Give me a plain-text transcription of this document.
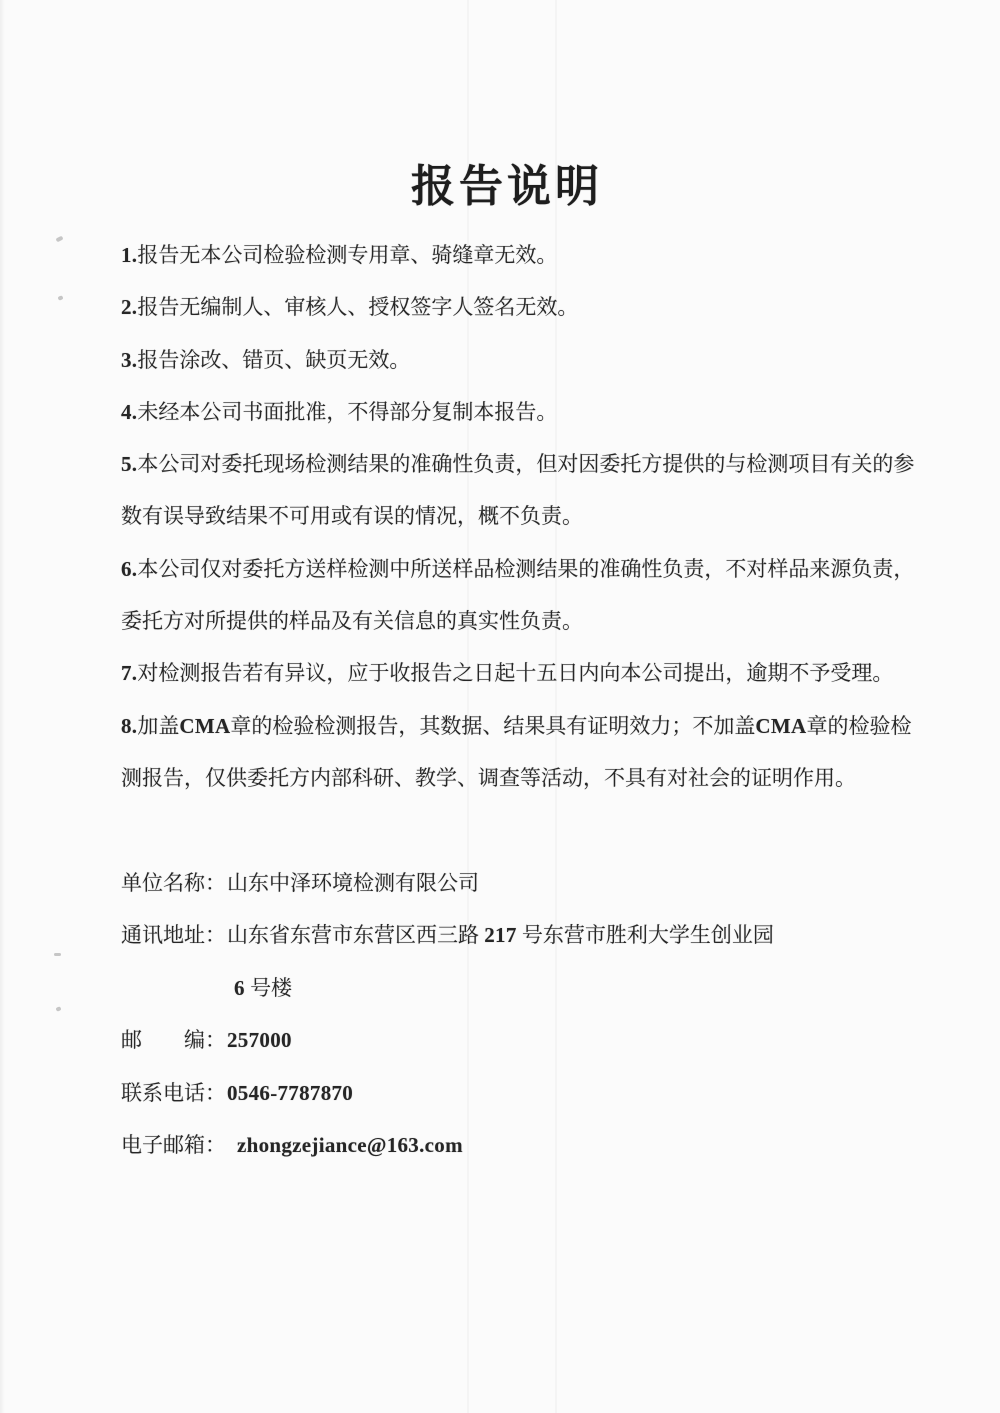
报告说明
1.报告无本公司检验检测专用章、骑缝章无效。
2.报告无编制人、审核人、授权签字人签名无效。
3.报告涂改、错页、缺页无效。
4.未经本公司书面批准，不得部分复制本报告。
5.本公司对委托现场检测结果的准确性负责，但对因委托方提供的与检测项目有关的参
数有误导致结果不可用或有误的情况，概不负责。
6.本公司仅对委托方送样检测中所送样品检测结果的准确性负责，不对样品来源负责，
委托方对所提供的样品及有关信息的真实性负责。
7.对检测报告若有异议，应于收报告之日起十五日内向本公司提出，逾期不予受理。
8.加盖CMA章的检验检测报告，其数据、结果具有证明效力；不加盖CMA章的检验检
测报告，仅供委托方内部科研、教学、调查等活动，不具有对社会的证明作用。
单位名称：山东中泽环境检测有限公司
通讯地址：山东省东营市东营区西三路 217 号东营市胜利大学生创业园
6 号楼
邮　　编：257000
联系电话：0546-7787870
电子邮箱： zhongzejiance@163.com
